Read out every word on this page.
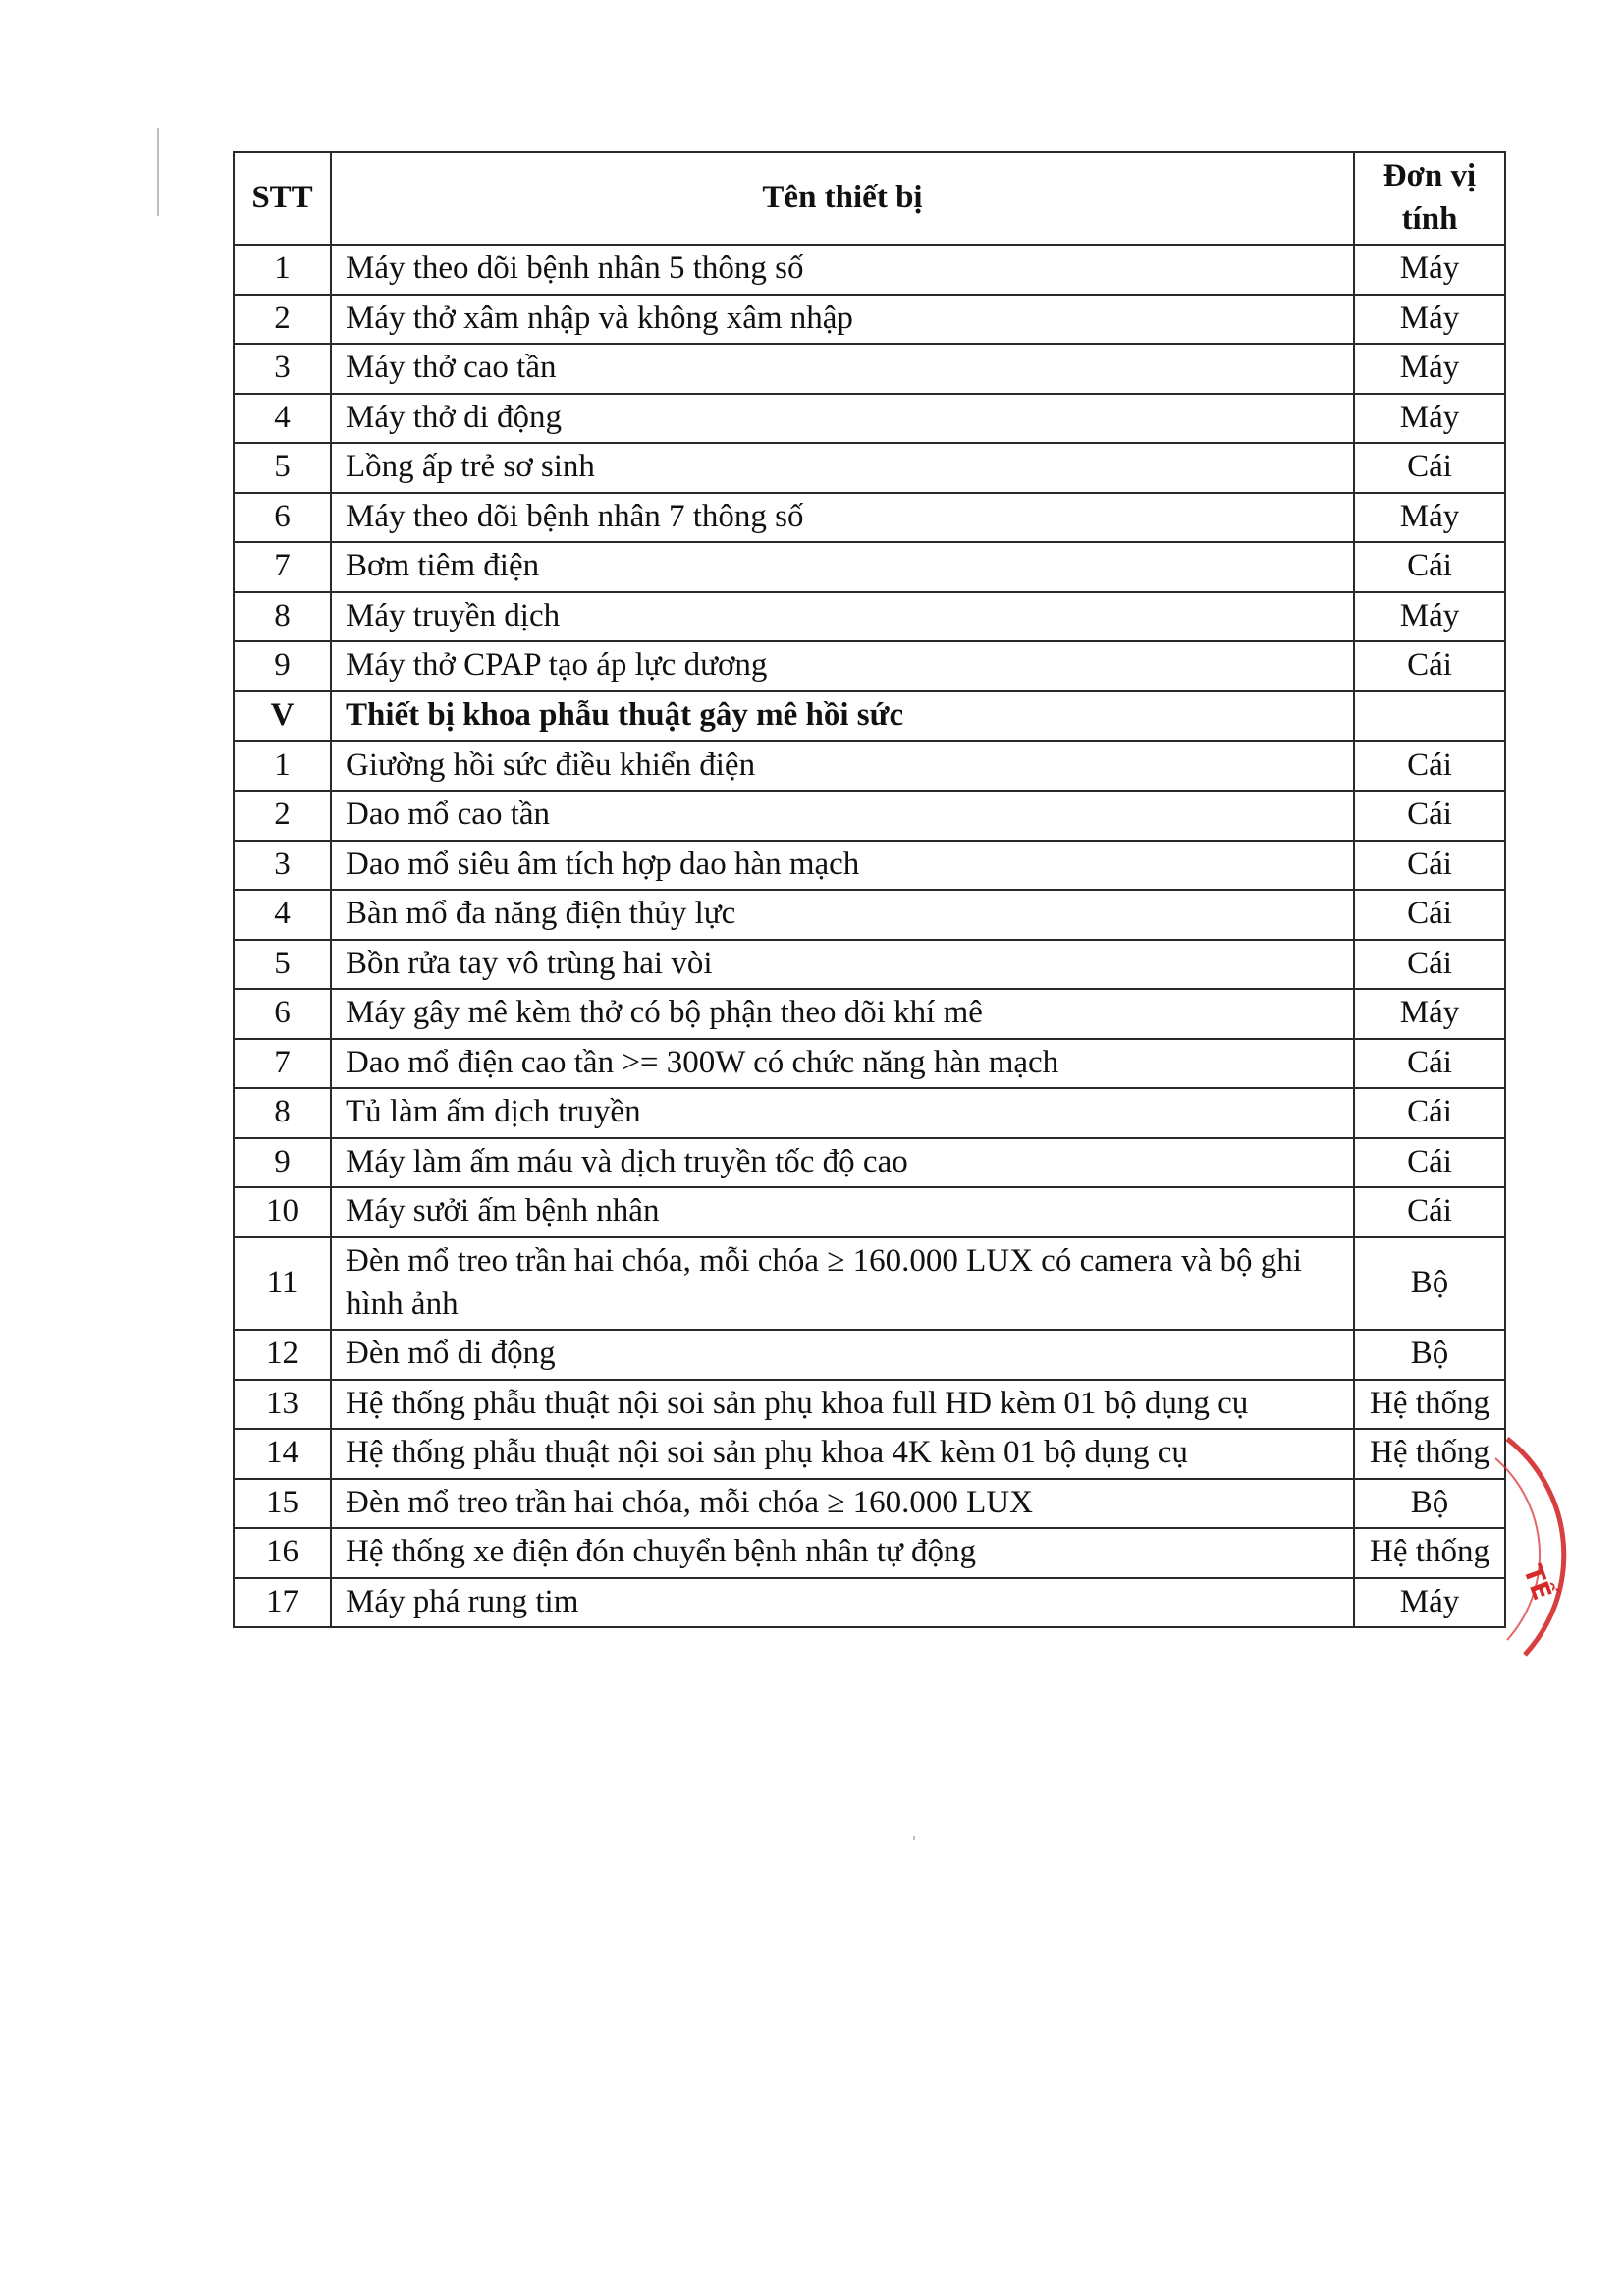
STT	Tên thiết bị	Đơn vị tính
1	Máy theo dõi bệnh nhân 5 thông số	Máy
2	Máy thở xâm nhập và không xâm nhập	Máy
3	Máy thở cao tần	Máy
4	Máy thở di động	Máy
5	Lồng ấp trẻ sơ sinh	Cái
6	Máy theo dõi bệnh nhân 7 thông số	Máy
7	Bơm tiêm điện	Cái
8	Máy truyền dịch	Máy
9	Máy thở CPAP tạo áp lực dương	Cái
V	Thiết bị khoa phẫu thuật gây mê hồi sức	
1	Giường hồi sức điều khiển điện	Cái
2	Dao mổ cao tần	Cái
3	Dao mổ siêu âm tích hợp dao hàn mạch	Cái
4	Bàn mổ đa năng điện thủy lực	Cái
5	Bồn rửa tay vô trùng hai vòi	Cái
6	Máy gây mê kèm thở có bộ phận theo dõi khí mê	Máy
7	Dao mổ điện cao tần >= 300W có chức năng hàn mạch	Cái
8	Tủ làm ấm dịch truyền	Cái
9	Máy làm ấm máu và dịch truyền tốc độ cao	Cái
10	Máy sưởi ấm bệnh nhân	Cái
11	Đèn mổ treo trần hai chóa, mỗi chóa ≥ 160.000 LUX có camera và bộ ghi hình ảnh	Bộ
12	Đèn mổ di động	Bộ
13	Hệ thống phẫu thuật nội soi sản phụ khoa full HD kèm 01 bộ dụng cụ	Hệ thống
14	Hệ thống phẫu thuật nội soi sản phụ khoa 4K kèm 01 bộ dụng cụ	Hệ thống
15	Đèn mổ treo trần hai chóa, mỗi chóa ≥ 160.000 LUX	Bộ
16	Hệ thống xe điện đón chuyển bệnh nhân tự động	Hệ thống
17	Máy phá rung tim	Máy TẾ
